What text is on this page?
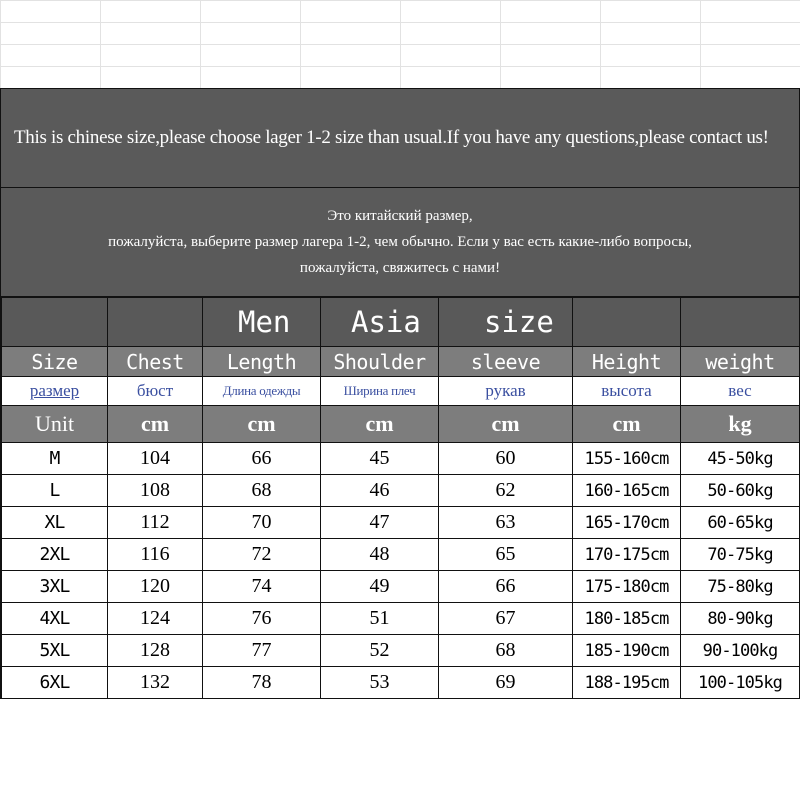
This is chinese size,please choose lager 1-2 size than usual.If you have any questions,please contact us!
Это китайский размер,
пожалуйста, выберите размер лагера 1-2, чем обычно. Если у вас есть какие-либо вопросы,
пожалуйста, свяжитесь с нами!
		Men	Asia	size		
Size	Chest	Length	Shoulder	sleeve	Height	weight
размер	бюст	Длина одежды	Ширина плеч	рукав	высота	вес
Unit	cm	cm	cm	cm	cm	kg
M	104	66	45	60	155-160cm	45-50kg
L	108	68	46	62	160-165cm	50-60kg
XL	112	70	47	63	165-170cm	60-65kg
2XL	116	72	48	65	170-175cm	70-75kg
3XL	120	74	49	66	175-180cm	75-80kg
4XL	124	76	51	67	180-185cm	80-90kg
5XL	128	77	52	68	185-190cm	90-100kg
6XL	132	78	53	69	188-195cm	100-105kg
